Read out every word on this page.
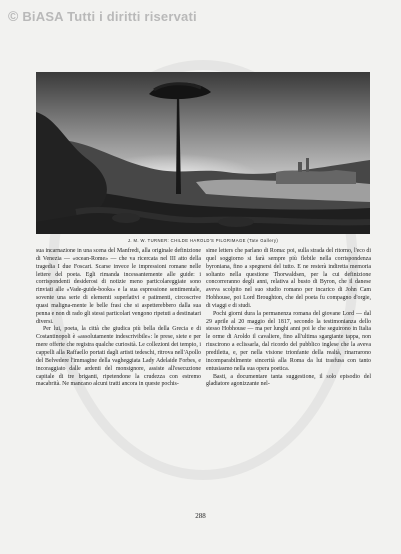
© BiASA Tutti i diritti riservati
J. M. W. TURNER: CHILDE HAROLD'S PILGRIMAGE (Tate Gallery)

sua incarnazione in una scena del Manfredi, alla originale definizione di Venezia — «ocean-Rome» — che va ricercata nel III atto della tragedia I due Foscari. Scarse invece le impressioni romane nelle lettere del poeta. Egli rimanda incessantemente alle guide: i corrispondenti desiderosi di notizie meno particolareggiate sono rinviati alle «Vade-guide-books» e la sua espressione sentimentale, sovente una serie di elementi superlativi e patimenti, circoscrive quasi maligna-mente le belle frasi che si aspetterebbero dalla sua penna e non di rado gli stessi particolari vengono ripetuti a destinatari diversi.

Per lui, poeta, la città che giudica più bella della Grecia e di Costantinopoli è «assolutamente indescrivibile»: le prese, siete e per mere offerte che registra qualche curiosità. Le collezioni dei tempio, i cappelli alla Raffaello portati dagli artisti tedeschi, ritrova nell'Apollo del Belvedere l'immagine della vagheggiata Lady Adelaide Forbes, e incoraggiato dalle ardenti del monsignore, assiste all'esecuzione capitale di tre briganti, ripetendone la crudezza con estremo macabrità. Ne mancano alcuni tratti ancora in queste pochis-

sime letters che parlano di Roma: poi, sulla strada del ritorno, l'eco di quel soggiorno si farà sempre più flebile nella corrispondenza byroniana, fino a spegnersi del tutto. E ne resterà indiretta memoria soltanto nella questione Thorwaldsen, per la cui definizione concorreranno degli anni, relativa al busto di Byron, che il danese aveva scolpito nel suo studio romano per incarico di John Cam Hobhouse, poi Lord Broughton, che del poeta fu compagno d'orgie, di viaggi e di studi.

Pochi giorni dura la permanenza romana del giovane Lord — dal 29 aprile al 20 maggio del 1817, secondo la testimonianza dello stesso Hobhouse — ma per lunghi anni poi le che seguirono in Italia le orme di Aroldo il cavaliere, fino all'ultima sgargiante tappa, non riuscirono a eclissarla, dal ricordo del pubblico inglese che la aveva prediletta, e, per nella visione trionfante della realtà, rinarrarono incomparabilmente sincerità alla Roma da lui trasfusa con tanto entusiasmo nella sua opera poetica.

Basti, a documentare tanta suggestione, il solo episodio del gladiatore agonizzante nel-

288
